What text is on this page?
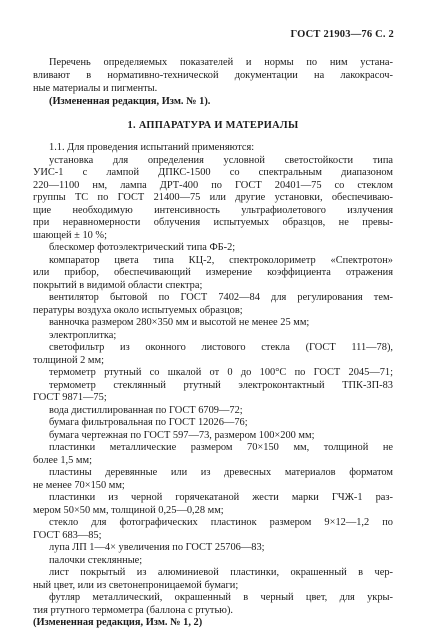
ГОСТ 21903—76 С. 2
Перечень определяемых показателей и нормы по ним устана-
вливают в нормативно-технической документации на лакокрасоч-
ные материалы и пигменты.
(Измененная редакция, Изм. № 1).
1. АППАРАТУРА И МАТЕРИАЛЫ
1.1. Для проведения испытаний применяются:
установка для определения условной светостойкости типа
УИС-1 с лампой ДПКС-1500 со спектральным диапазоном
220—1100 нм, лампа ДРТ-400 по ГОСТ 20401—75 со стеклом
группы ТС по ГОСТ 21400—75 или другие установки, обеспечиваю-
щие необходимую интенсивность ультрафиолетового излучения
при неравномерности облучения испытуемых образцов, не превы-
шающей ± 10 %;
блескомер фотоэлектрический типа ФБ-2;
компаратор цвета типа КЦ-2, спектроколориметр «Спектротон»
или прибор, обеспечивающий измерение коэффициента отражения
покрытий в видимой области спектра;
вентилятор бытовой по ГОСТ 7402—84 для регулирования тем-
пературы воздуха около испытуемых образцов;
ванночка размером 280×350 мм и высотой не менее 25 мм;
электроплитка;
светофильтр из оконного листового стекла (ГОСТ 111—78),
толщиной 2 мм;
термометр ртутный со шкалой от 0 до 100°С по ГОСТ 2045—71;
термометр стеклянный ртутный электроконтактный ТПК-ЗП-83
ГОСТ 9871—75;
вода дистиллированная по ГОСТ 6709—72;
бумага фильтровальная по ГОСТ 12026—76;
бумага чертежная по ГОСТ 597—73, размером 100×200 мм;
пластинки металлические размером 70×150 мм, толщиной не
более 1,5 мм;
пластины деревянные или из древесных материалов форматом
не менее 70×150 мм;
пластинки из черной горячекатаной жести марки ГЧЖ-1 раз-
мером 50×50 мм, толщиной 0,25—0,28 мм;
стекло для фотографических пластинок размером 9×12—1,2 по
ГОСТ 683—85;
лупа ЛП 1—4× увеличения по ГОСТ 25706—83;
палочки стеклянные;
лист покрытый из алюминиевой пластинки, окрашенный в чер-
ный цвет, или из светонепроницаемой бумаги;
футляр металлический, окрашенный в черный цвет, для укры-
тия ртутного термометра (баллона с ртутью).
(Измененная редакция, Изм. № 1, 2)
